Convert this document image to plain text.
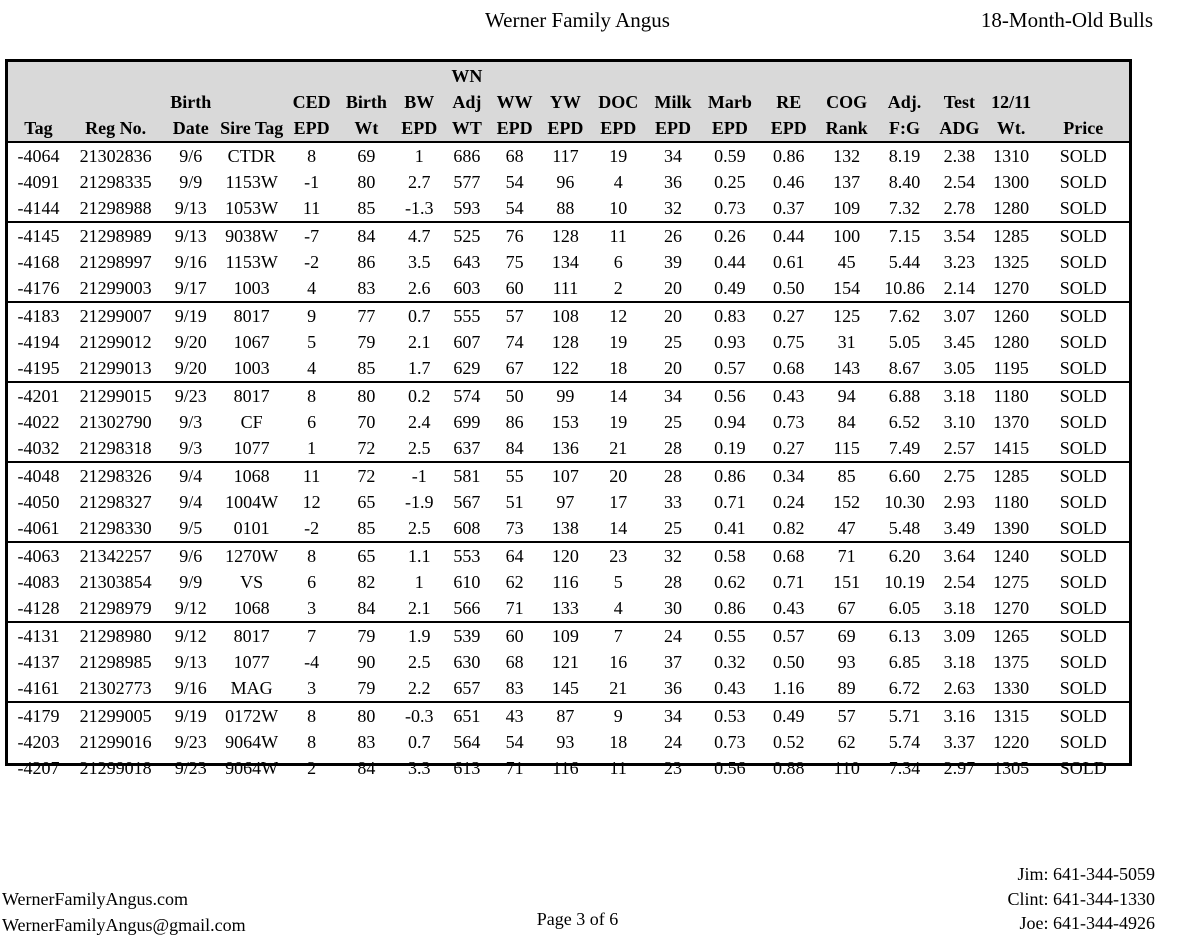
Werner Family Angus	18-Month-Old Bulls
Tag	Reg No.	Birth Date	Sire Tag	CED EPD	Birth Wt	BW EPD	WN Adj WT	WW EPD	YW EPD	DOC EPD	Milk EPD	Marb EPD	RE EPD	COG Rank	Adj. F:G	Test ADG	12/11 Wt.	Price
-4064	21302836	9/6	CTDR	8	69	1	686	68	117	19	34	0.59	0.86	132	8.19	2.38	1310	SOLD
-4091	21298335	9/9	1153W	-1	80	2.7	577	54	96	4	36	0.25	0.46	137	8.40	2.54	1300	SOLD
-4144	21298988	9/13	1053W	11	85	-1.3	593	54	88	10	32	0.73	0.37	109	7.32	2.78	1280	SOLD
-4145	21298989	9/13	9038W	-7	84	4.7	525	76	128	11	26	0.26	0.44	100	7.15	3.54	1285	SOLD
-4168	21298997	9/16	1153W	-2	86	3.5	643	75	134	6	39	0.44	0.61	45	5.44	3.23	1325	SOLD
-4176	21299003	9/17	1003	4	83	2.6	603	60	111	2	20	0.49	0.50	154	10.86	2.14	1270	SOLD
-4183	21299007	9/19	8017	9	77	0.7	555	57	108	12	20	0.83	0.27	125	7.62	3.07	1260	SOLD
-4194	21299012	9/20	1067	5	79	2.1	607	74	128	19	25	0.93	0.75	31	5.05	3.45	1280	SOLD
-4195	21299013	9/20	1003	4	85	1.7	629	67	122	18	20	0.57	0.68	143	8.67	3.05	1195	SOLD
-4201	21299015	9/23	8017	8	80	0.2	574	50	99	14	34	0.56	0.43	94	6.88	3.18	1180	SOLD
-4022	21302790	9/3	CF	6	70	2.4	699	86	153	19	25	0.94	0.73	84	6.52	3.10	1370	SOLD
-4032	21298318	9/3	1077	1	72	2.5	637	84	136	21	28	0.19	0.27	115	7.49	2.57	1415	SOLD
-4048	21298326	9/4	1068	11	72	-1	581	55	107	20	28	0.86	0.34	85	6.60	2.75	1285	SOLD
-4050	21298327	9/4	1004W	12	65	-1.9	567	51	97	17	33	0.71	0.24	152	10.30	2.93	1180	SOLD
-4061	21298330	9/5	0101	-2	85	2.5	608	73	138	14	25	0.41	0.82	47	5.48	3.49	1390	SOLD
-4063	21342257	9/6	1270W	8	65	1.1	553	64	120	23	32	0.58	0.68	71	6.20	3.64	1240	SOLD
-4083	21303854	9/9	VS	6	82	1	610	62	116	5	28	0.62	0.71	151	10.19	2.54	1275	SOLD
-4128	21298979	9/12	1068	3	84	2.1	566	71	133	4	30	0.86	0.43	67	6.05	3.18	1270	SOLD
-4131	21298980	9/12	8017	7	79	1.9	539	60	109	7	24	0.55	0.57	69	6.13	3.09	1265	SOLD
-4137	21298985	9/13	1077	-4	90	2.5	630	68	121	16	37	0.32	0.50	93	6.85	3.18	1375	SOLD
-4161	21302773	9/16	MAG	3	79	2.2	657	83	145	21	36	0.43	1.16	89	6.72	2.63	1330	SOLD
-4179	21299005	9/19	0172W	8	80	-0.3	651	43	87	9	34	0.53	0.49	57	5.71	3.16	1315	SOLD
-4203	21299016	9/23	9064W	8	83	0.7	564	54	93	18	24	0.73	0.52	62	5.74	3.37	1220	SOLD
-4207	21299018	9/23	9064W	2	84	3.3	613	71	116	11	23	0.56	0.88	110	7.34	2.97	1305	SOLD
WernerFamilyAngus.com
WernerFamilyAngus@gmail.com	Page 3 of 6
Jim: 641-344-5059
Clint: 641-344-1330
Joe: 641-344-4926
